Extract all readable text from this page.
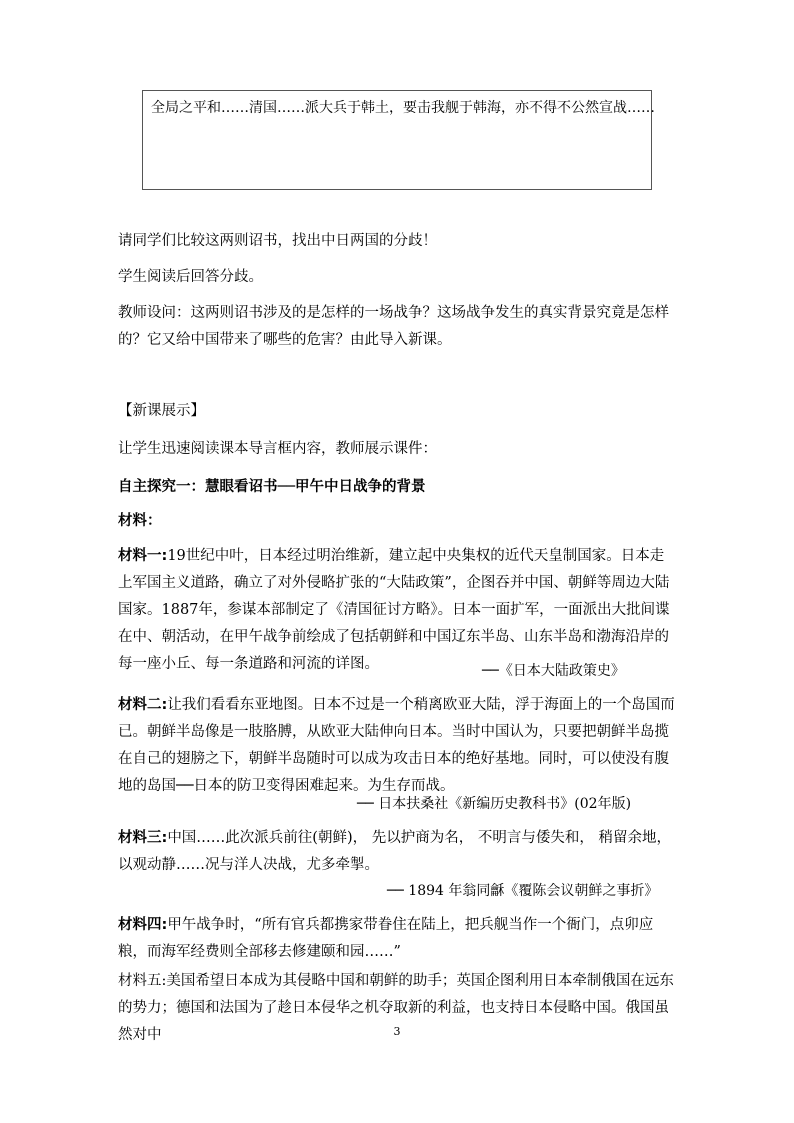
全局之平和……清国……派大兵于韩土，要击我舰于韩海，亦不得不公然宣战……
请同学们比较这两则诏书，找出中日两国的分歧！
学生阅读后回答分歧。
教师设问：这两则诏书涉及的是怎样的一场战争？这场战争发生的真实背景究竟是怎样的？它又给中国带来了哪些的危害？由此导入新课。
【新课展示】
让学生迅速阅读课本导言框内容，教师展示课件：
自主探究一：慧眼看诏书──甲午中日战争的背景
材料：
材料一:19世纪中叶，日本经过明治维新，建立起中央集权的近代天皇制国家。日本走上军国主义道路，确立了对外侵略扩张的“大陆政策”，企图吞并中国、朝鲜等周边大陆国家。1887年，参谋本部制定了《清国征讨方略》。日本一面扩军，一面派出大批间谍在中、朝活动，在甲午战争前绘成了包括朝鲜和中国辽东半岛、山东半岛和渤海沿岸的每一座小丘、每一条道路和河流的详图。	──《日本大陆政策史》
材料二:让我们看看东亚地图。日本不过是一个稍离欧亚大陆，浮于海面上的一个岛国而已。朝鲜半岛像是一肢胳膊，从欧亚大陆伸向日本。当时中国认为，只要把朝鲜半岛揽在自己的翅膀之下，朝鲜半岛随时可以成为攻击日本的绝好基地。同时，可以使没有腹地的岛国──日本的防卫变得困难起来。为生存而战。
── 日本扶桑社《新编历史教科书》(02年版)
材料三:中国……此次派兵前往(朝鲜)， 先以护商为名， 不明言与倭失和， 稍留余地， 以观动静……况与洋人决战，尤多牵掣。
── 1894 年翁同龢《覆陈会议朝鲜之事折》
材料四:甲午战争时，“所有官兵都携家带眷住在陆上，把兵舰当作一个衙门，点卯应粮，而海军经费则全部移去修建颐和园……”
材料五:美国希望日本成为其侵略中国和朝鲜的助手；英国企图利用日本牵制俄国在远东的势力；德国和法国为了趁日本侵华之机夺取新的利益，也支持日本侵略中国。俄国虽然对中	3
